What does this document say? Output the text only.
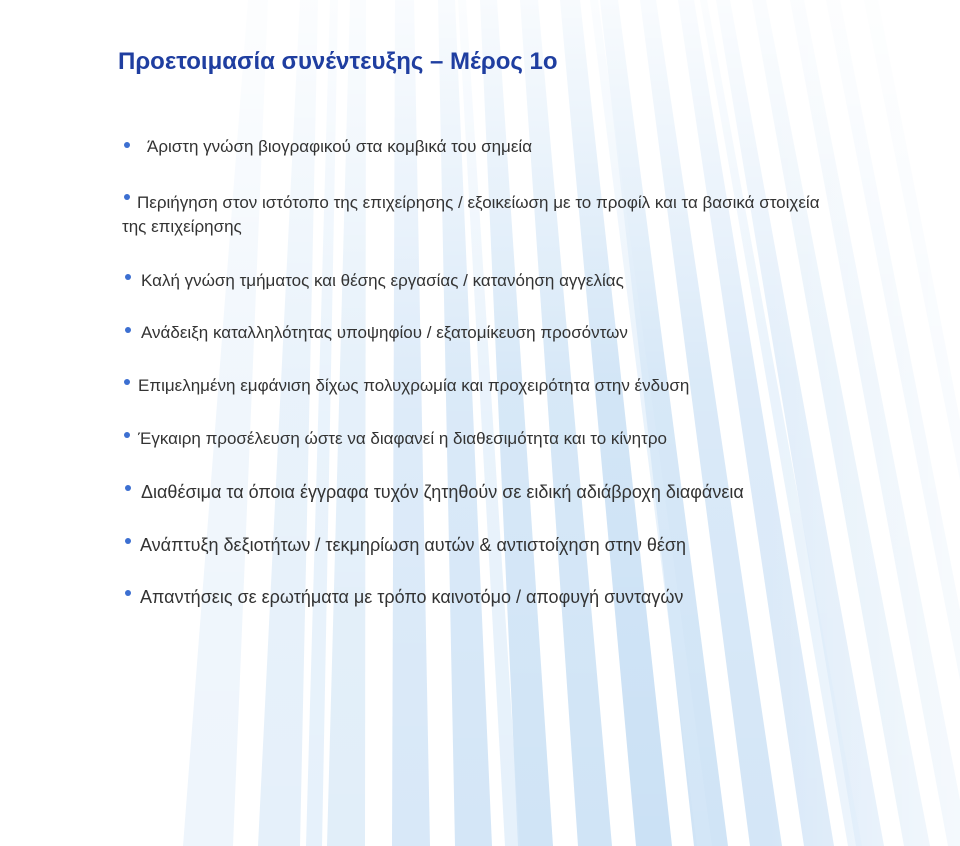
Προετοιμασία συνέντευξης – Μέρος 1ο
Άριστη γνώση βιογραφικού στα κομβικά του σημεία
Περιήγηση στον ιστότοπο της επιχείρησης / εξοικείωση με το προφίλ και τα βασικά στοιχεία
Καλή γνώση τμήματος και θέσης εργασίας / κατανόηση αγγελίας
Ανάδειξη καταλληλότητας υποψηφίου / εξατομίκευση προσόντων
Επιμελημένη εμφάνιση δίχως πολυχρωμία και προχειρότητα στην ένδυση
Έγκαιρη προσέλευση ώστε να διαφανεί η διαθεσιμότητα και το κίνητρο
Διαθέσιμα τα όποια έγγραφα τυχόν ζητηθούν σε ειδική αδιάβροχη διαφάνεια
Ανάπτυξη δεξιοτήτων / τεκμηρίωση αυτών & αντιστοίχηση στην θέση
Απαντήσεις σε ερωτήματα με τρόπο καινοτόμο / αποφυγή συνταγών
της επιχείρησης
